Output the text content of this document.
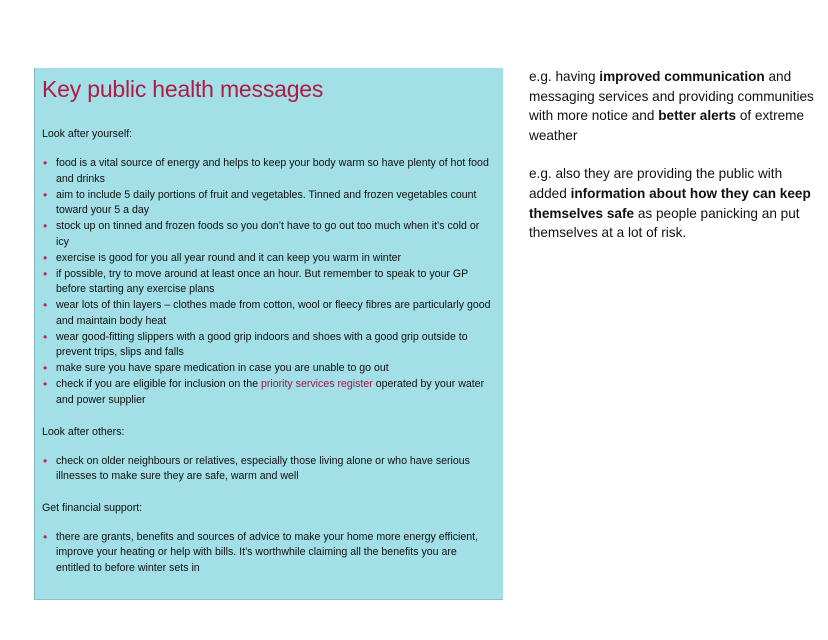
Key public health messages

Look after yourself:

• food is a vital source of energy and helps to keep your body warm so have plenty of hot food and drinks
• aim to include 5 daily portions of fruit and vegetables. Tinned and frozen vegetables count toward your 5 a day
• stock up on tinned and frozen foods so you don’t have to go out too much when it’s cold or icy
• exercise is good for you all year round and it can keep you warm in winter
• if possible, try to move around at least once an hour. But remember to speak to your GP before starting any exercise plans
• wear lots of thin layers – clothes made from cotton, wool or fleecy fibres are particularly good and maintain body heat
• wear good-fitting slippers with a good grip indoors and shoes with a good grip outside to prevent trips, slips and falls
• make sure you have spare medication in case you are unable to go out
• check if you are eligible for inclusion on the priority services register operated by your water and power supplier

Look after others:

• check on older neighbours or relatives, especially those living alone or who have serious illnesses to make sure they are safe, warm and well

Get financial support:

• there are grants, benefits and sources of advice to make your home more energy efficient, improve your heating or help with bills. It’s worthwhile claiming all the benefits you are entitled to before winter sets in

e.g. having improved communication and messaging services and providing communities with more notice and better alerts of extreme weather

e.g. also they are providing the public with added information about how they can keep themselves safe as people panicking an put themselves at a lot of risk.
